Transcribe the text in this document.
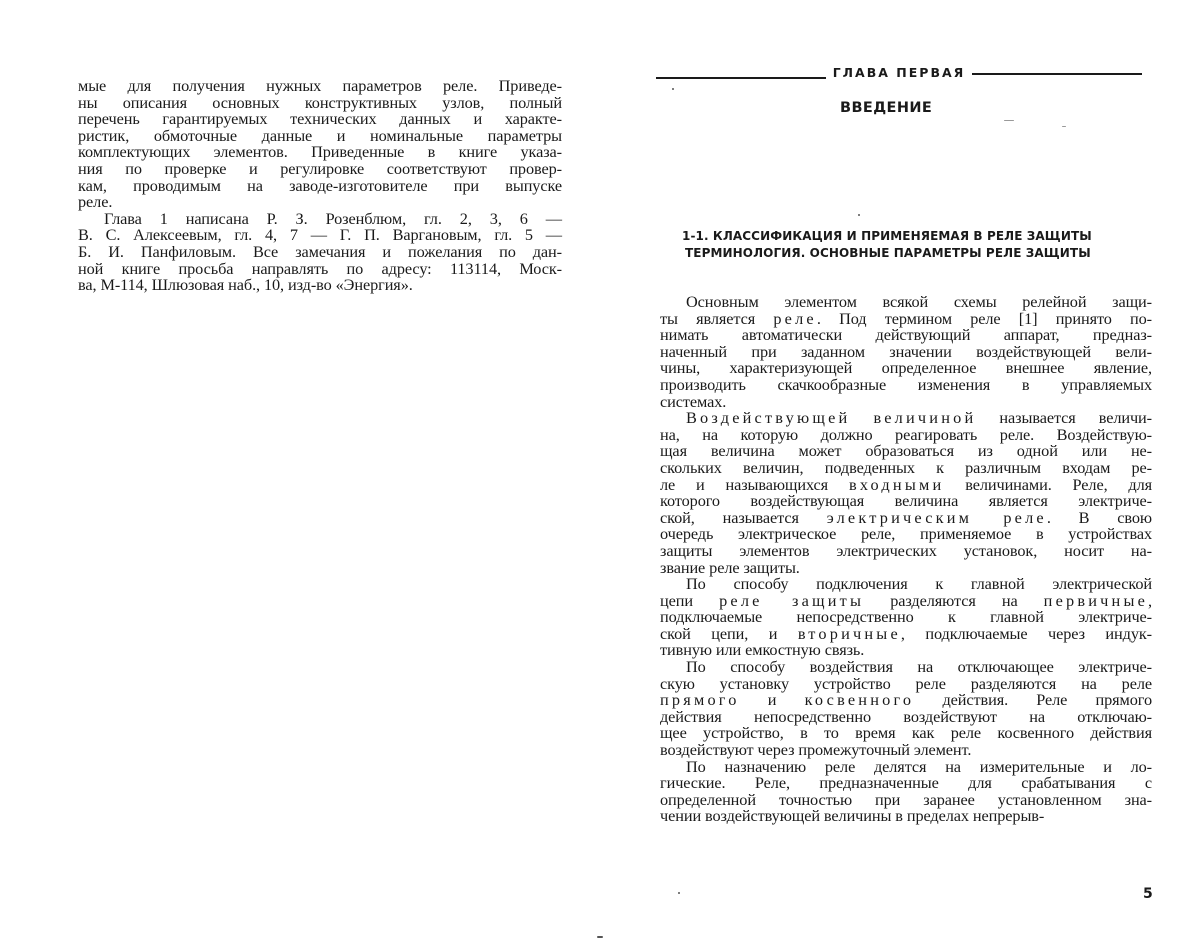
мые для получения нужных параметров реле. Приведе-

ны описания основных конструктивных узлов, полный

перечень гарантируемых технических данных и характе-

ристик, обмоточные данные и номинальные параметры

комплектующих элементов. Приведенные в книге указа-

ния по проверке и регулировке соответствуют провер-

кам, проводимым на заводе-изготовителе при выпуске

реле.

Глава 1 написана Р. З. Розенблюм, гл. 2, 3, 6 —

В. С. Алексеевым, гл. 4, 7 — Г. П. Варгановым, гл. 5 —

Б. И. Панфиловым. Все замечания и пожелания по дан-

ной книге просьба направлять по адресу: 113114, Моск-

ва, М-114, Шлюзовая наб., 10, изд-во «Энергия».

ГЛАВА ПЕРВАЯ
ВВЕДЕНИЕ
1-1. КЛАССИФИКАЦИЯ И ПРИМЕНЯЕМАЯ В РЕЛЕ ЗАЩИТЫ
ТЕРМИНОЛОГИЯ. ОСНОВНЫЕ ПАРАМЕТРЫ РЕЛЕ ЗАЩИТЫ

Основным элементом всякой схемы релейной защи-

ты является реле. Под термином реле [1] принято по-

нимать автоматически действующий аппарат, предназ-

наченный при заданном значении воздействующей вели-

чины, характеризующей определенное внешнее явление,

производить скачкообразные изменения в управляемых

системах.

Воздействующей величиной называется величи-

на, на которую должно реагировать реле. Воздействую-

щая величина может образоваться из одной или не-

скольких величин, подведенных к различным входам ре-

ле и называющихся входными величинами. Реле, для

которого воздействующая величина является электриче-

ской, называется электрическим реле. В свою

очередь электрическое реле, применяемое в устройствах

защиты элементов электрических установок, носит на-

звание реле защиты.

По способу подключения к главной электрической

цепи реле защиты разделяются на первичные,

подключаемые непосредственно к главной электриче-

ской цепи, и вторичные, подключаемые через индук-

тивную или емкостную связь.

По способу воздействия на отключающее электриче-

скую установку устройство реле разделяются на реле

прямого и косвенного действия. Реле прямого

действия непосредственно воздействуют на отключаю-

щее устройство, в то время как реле косвенного действия

воздействуют через промежуточный элемент.

По назначению реле делятся на измерительные и ло-

гические. Реле, предназначенные для срабатывания с

определенной точностью при заранее установленном зна-

чении воздействующей величины в пределах непрерыв-

5
